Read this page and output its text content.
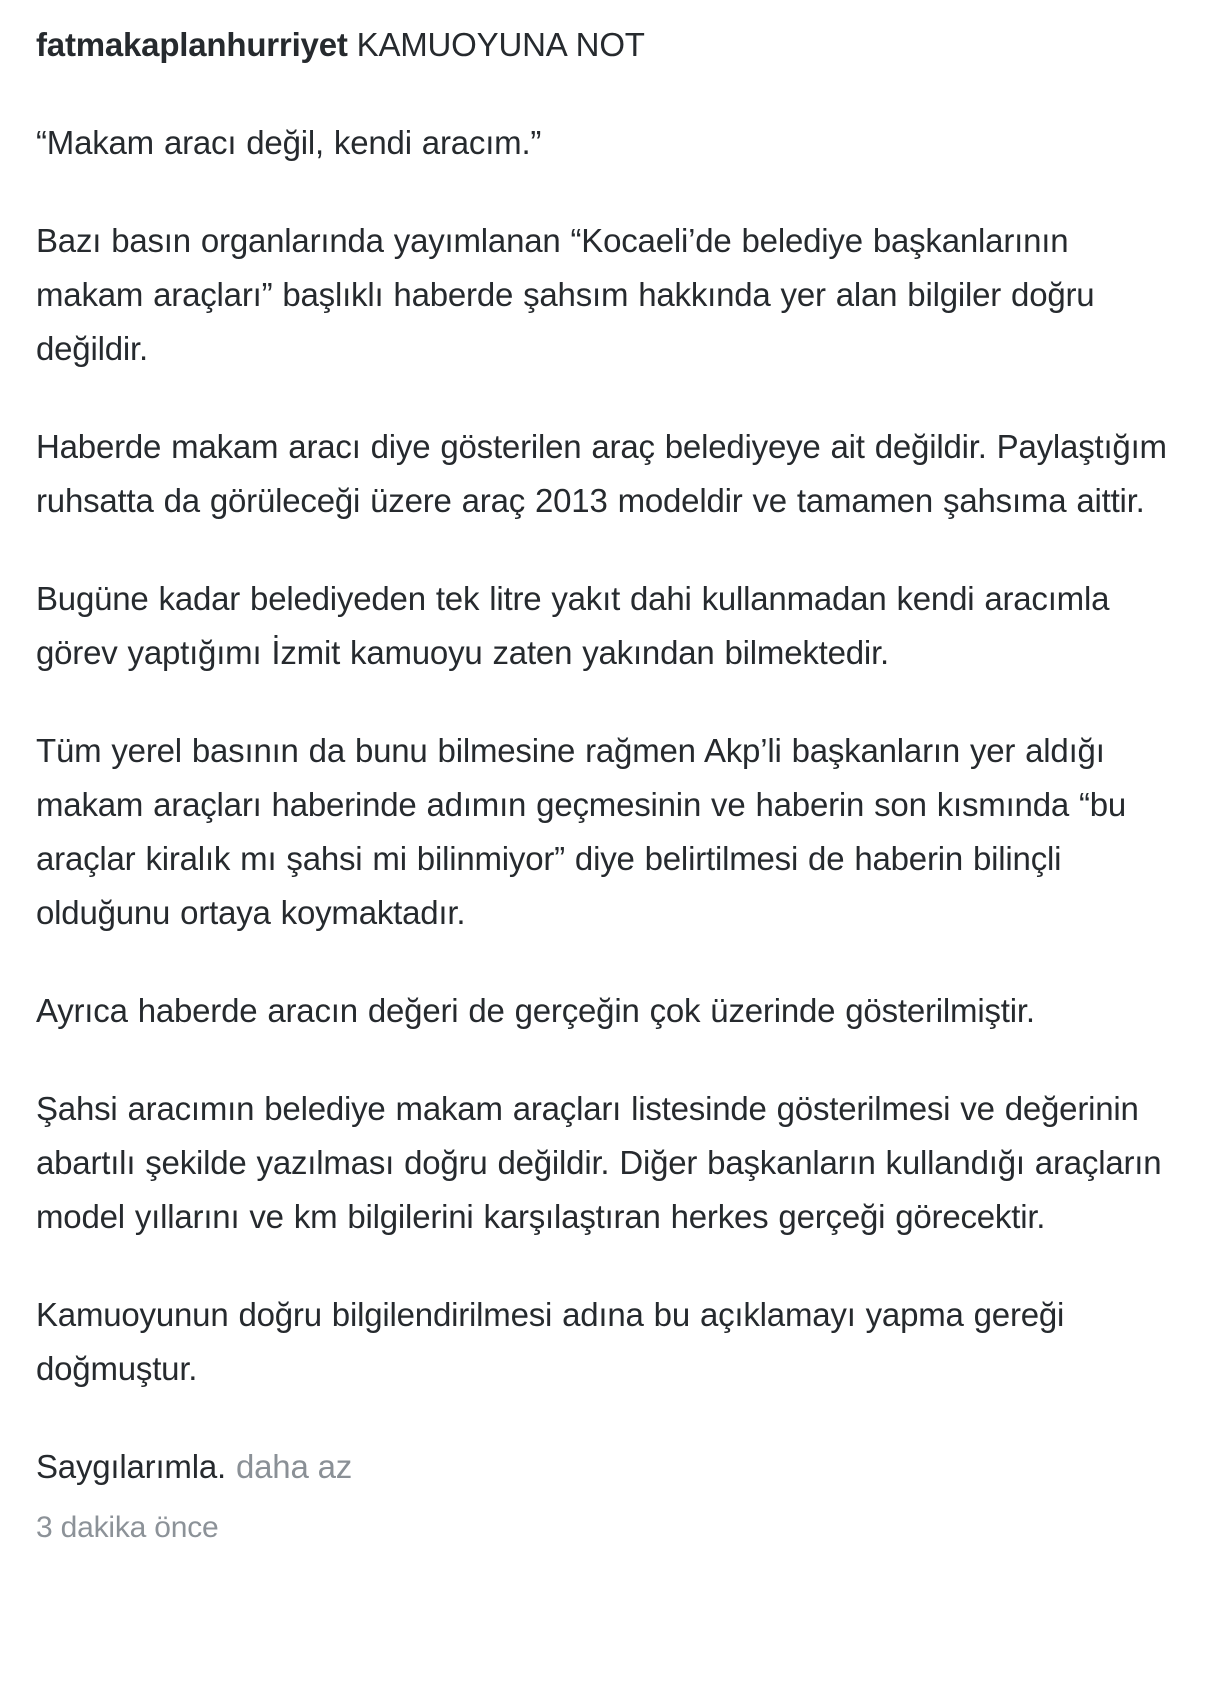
fatmakaplanhurriyet KAMUOYUNA NOT

“Makam aracı değil, kendi aracım.”

Bazı basın organlarında yayımlanan “Kocaeli’de belediye başkanlarının makam araçları” başlıklı haberde şahsım hakkında yer alan bilgiler doğru değildir.

Haberde makam aracı diye gösterilen araç belediyeye ait değildir. Paylaştığım ruhsatta da görüleceği üzere araç 2013 modeldir ve tamamen şahsıma aittir.

Bugüne kadar belediyeden tek litre yakıt dahi kullanmadan kendi aracımla görev yaptığımı İzmit kamuoyu zaten yakından bilmektedir.

Tüm yerel basının da bunu bilmesine rağmen Akp’li başkanların yer aldığı makam araçları haberinde adımın geçmesinin ve haberin son kısmında “bu araçlar kiralık mı şahsi mi bilinmiyor” diye belirtilmesi de haberin bilinçli olduğunu ortaya koymaktadır.

Ayrıca haberde aracın değeri de gerçeğin çok üzerinde gösterilmiştir.

Şahsi aracımın belediye makam araçları listesinde gösterilmesi ve değerinin abartılı şekilde yazılması doğru değildir. Diğer başkanların kullandığı araçların model yıllarını ve km bilgilerini karşılaştıran herkes gerçeği görecektir.

Kamuoyunun doğru bilgilendirilmesi adına bu açıklamayı yapma gereği doğmuştur.

Saygılarımla. daha az

3 dakika önce
